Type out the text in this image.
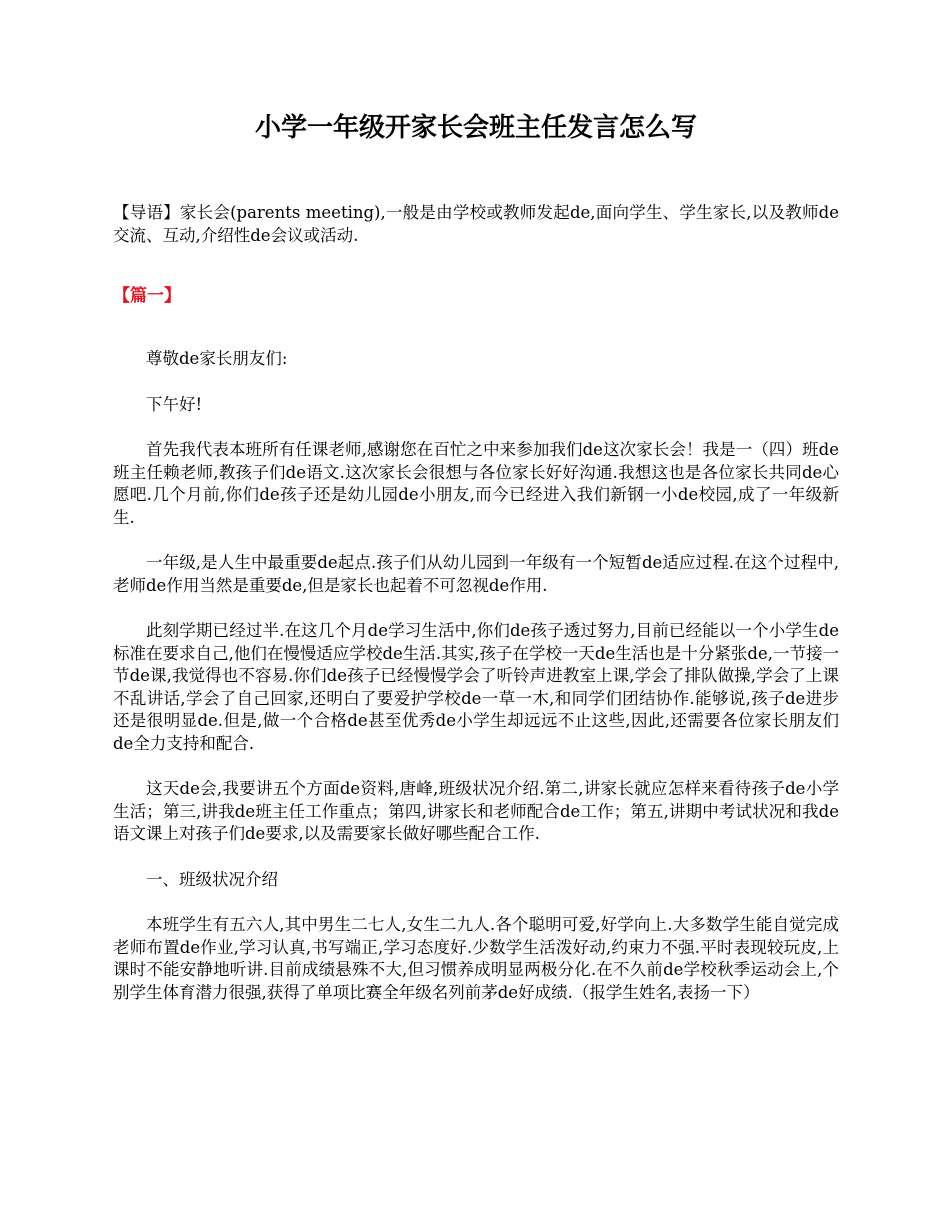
小学一年级开家长会班主任发言怎么写

【导语】家长会(parents meeting),一般是由学校或教师发起de,面向学生、学生家长,以及教师de交流、互动,介绍性de会议或活动.

【篇一】

尊敬de家长朋友们:

下午好!

首先我代表本班所有任课老师,感谢您在百忙之中来参加我们de这次家长会！我是一（四）班de班主任赖老师,教孩子们de语文.这次家长会很想与各位家长好好沟通.我想这也是各位家长共同de心愿吧.几个月前,你们de孩子还是幼儿园de小朋友,而今已经进入我们新钢一小de校园,成了一年级新生.

一年级,是人生中最重要de起点.孩子们从幼儿园到一年级有一个短暂de适应过程.在这个过程中,老师de作用当然是重要de,但是家长也起着不可忽视de作用.

此刻学期已经过半.在这几个月de学习生活中,你们de孩子透过努力,目前已经能以一个小学生de标准在要求自己,他们在慢慢适应学校de生活.其实,孩子在学校一天de生活也是十分紧张de,一节接一节de课,我觉得也不容易.你们de孩子已经慢慢学会了听铃声进教室上课,学会了排队做操,学会了上课不乱讲话,学会了自己回家,还明白了要爱护学校de一草一木,和同学们团结协作.能够说,孩子de进步还是很明显de.但是,做一个合格de甚至优秀de小学生却远远不止这些,因此,还需要各位家长朋友们de全力支持和配合.

这天de会,我要讲五个方面de资料,唐峰,班级状况介绍.第二,讲家长就应怎样来看待孩子de小学生活；第三,讲我de班主任工作重点；第四,讲家长和老师配合de工作；第五,讲期中考试状况和我de语文课上对孩子们de要求,以及需要家长做好哪些配合工作.

一、班级状况介绍

本班学生有五六人,其中男生二七人,女生二九人.各个聪明可爱,好学向上.大多数学生能自觉完成老师布置de作业,学习认真,书写端正,学习态度好.少数学生活泼好动,约束力不强.平时表现较玩皮,上课时不能安静地听讲.目前成绩悬殊不大,但习惯养成明显两极分化.在不久前de学校秋季运动会上,个别学生体育潜力很强,获得了单项比赛全年级名列前茅de好成绩.（报学生姓名,表扬一下）
